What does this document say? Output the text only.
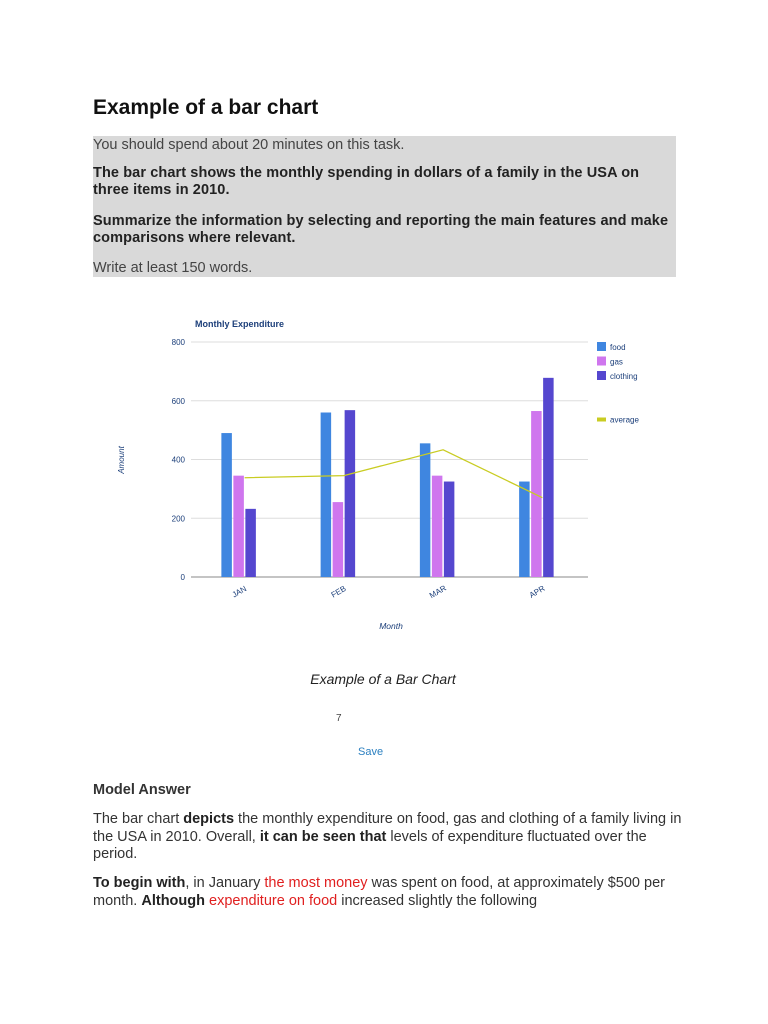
Example of a bar chart

You should spend about 20 minutes on this task.

The bar chart shows the monthly spending in dollars of a family in the USA on three items in 2010.

Summarize the information by selecting and reporting the main features and make comparisons where relevant.

Write at least 150 words.

Monthly Expenditure
Amount
Month
0
200
400
600
800
JAN	FEB	MAR	APR
food
gas
clothing
average
Example of a Bar Chart
7
Save
Model Answer

The bar chart depicts the monthly expenditure on food, gas and clothing of a family living in the USA in 2010. Overall, it can be seen that levels of expenditure fluctuated over the period.

To begin with, in January the most money was spent on food, at approximately $500 per month. Although expenditure on food increased slightly the following
